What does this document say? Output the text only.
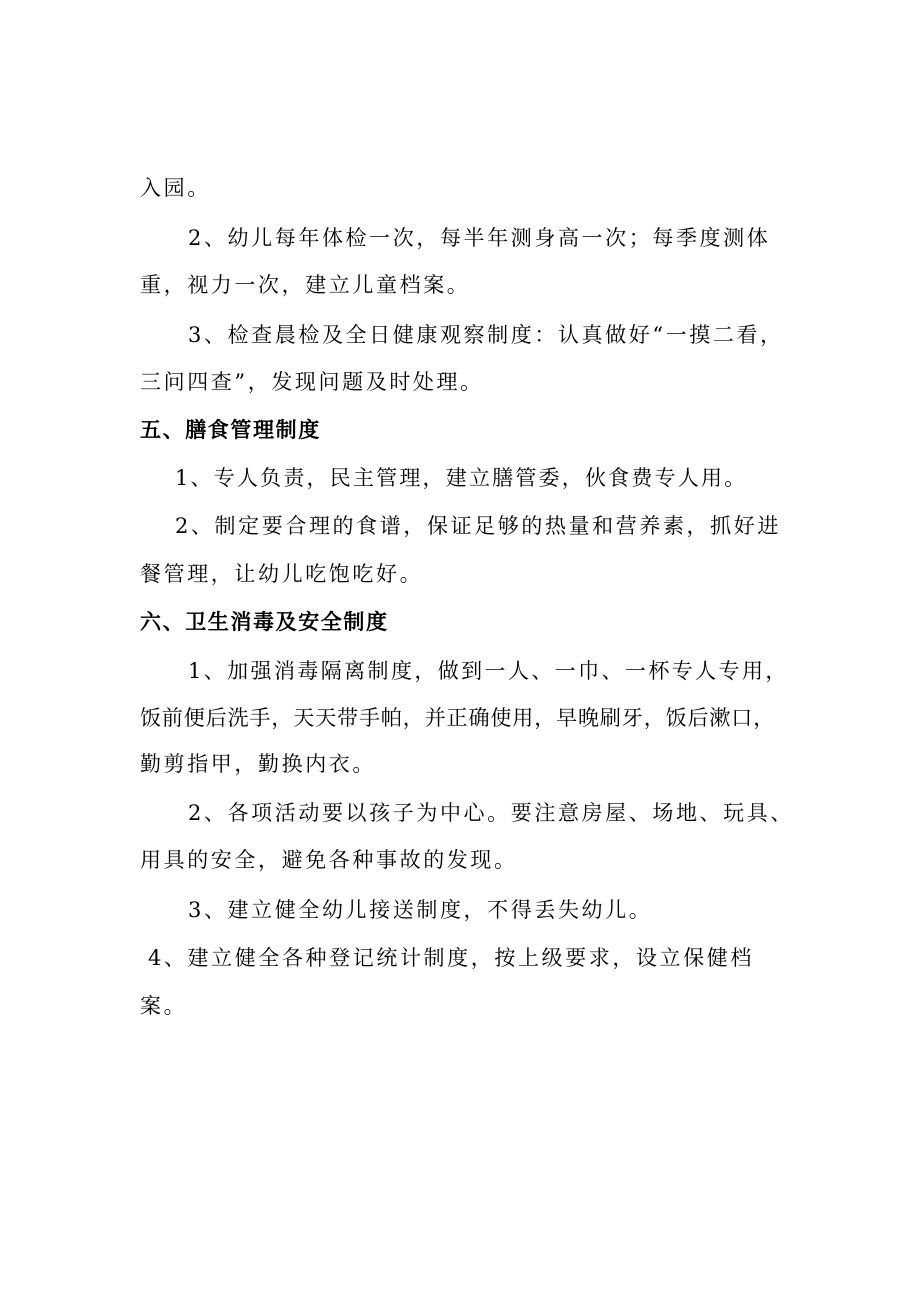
入园。
2、幼儿每年体检一次，每半年测身高一次；每季度测体
重，视力一次，建立儿童档案。
3、检查晨检及全日健康观察制度：认真做好“一摸二看，
三问四查”，发现问题及时处理。
五、膳食管理制度
1、专人负责，民主管理，建立膳管委，伙食费专人用。
2、制定要合理的食谱，保证足够的热量和营养素，抓好进
餐管理，让幼儿吃饱吃好。
六、卫生消毒及安全制度
1、加强消毒隔离制度，做到一人、一巾、一杯专人专用，
饭前便后洗手，天天带手帕，并正确使用，早晚刷牙，饭后漱口，
勤剪指甲，勤换内衣。
2、各项活动要以孩子为中心。要注意房屋、场地、玩具、
用具的安全，避免各种事故的发现。
3、建立健全幼儿接送制度，不得丢失幼儿。
4、建立健全各种登记统计制度，按上级要求，设立保健档
案。
